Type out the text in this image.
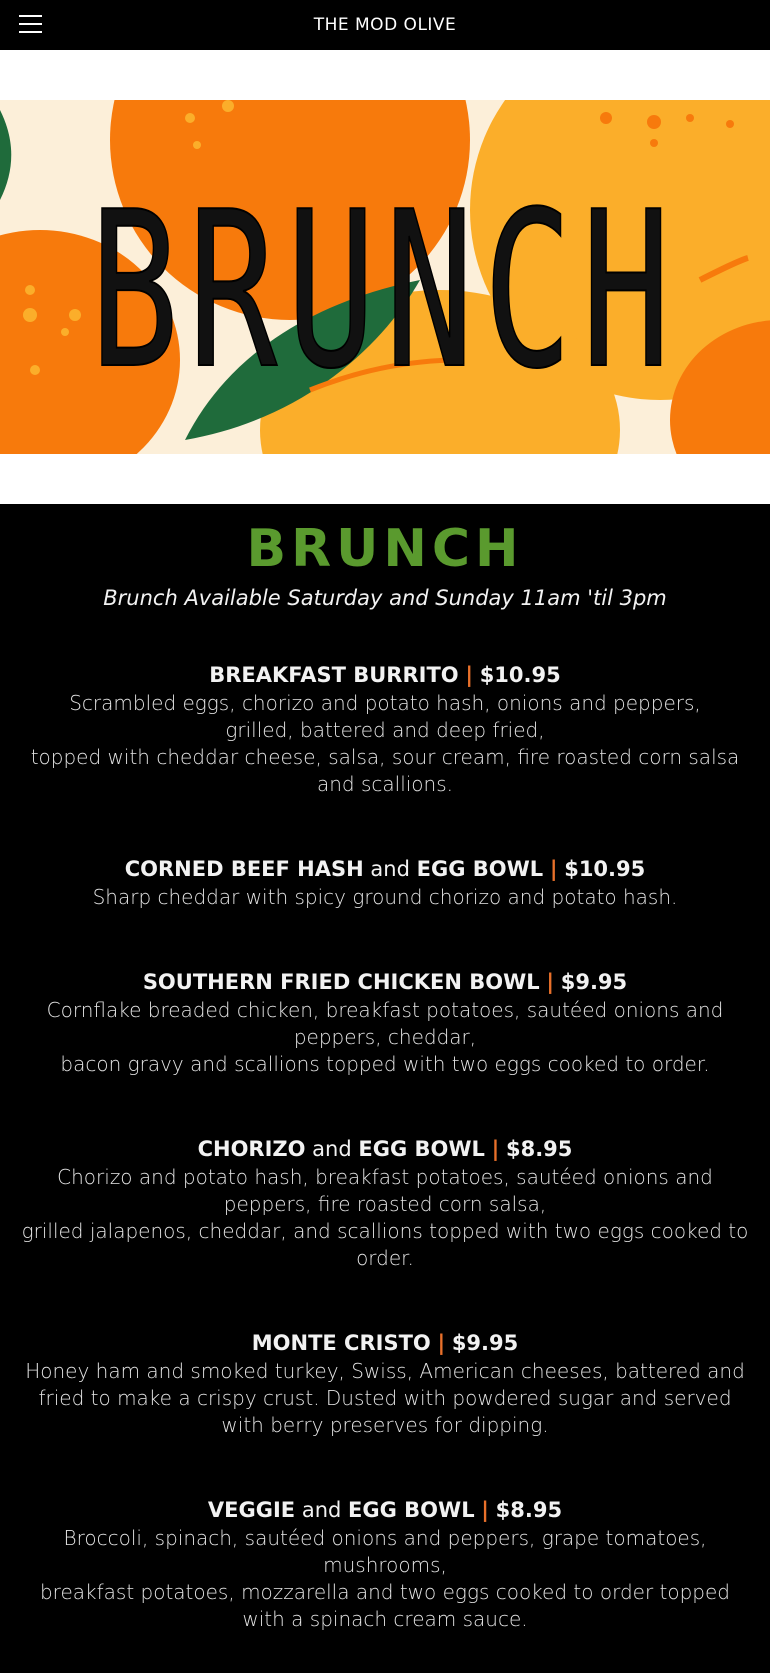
THE MOD OLIVE
BRUNCH
BRUNCH
Brunch Available Saturday and Sunday 11am 'til 3pm
BREAKFAST BURRITO | $10.95
Scrambled eggs, chorizo and potato hash, onions and peppers,
grilled, battered and deep fried,
topped with cheddar cheese, salsa, sour cream, fire roasted corn salsa and scallions.
CORNED BEEF HASH and EGG BOWL | $10.95
Sharp cheddar with spicy ground chorizo and potato hash.
SOUTHERN FRIED CHICKEN BOWL | $9.95
Cornflake breaded chicken, breakfast potatoes, sautéed onions and peppers, cheddar,
bacon gravy and scallions topped with two eggs cooked to order.
CHORIZO and EGG BOWL | $8.95
Chorizo and potato hash, breakfast potatoes, sautéed onions and peppers, fire roasted corn salsa,
grilled jalapenos, cheddar, and scallions topped with two eggs cooked to order.
MONTE CRISTO | $9.95
Honey ham and smoked turkey, Swiss, American cheeses, battered and fried to make a crispy crust. Dusted with powdered sugar and served with berry preserves for dipping.
VEGGIE and EGG BOWL | $8.95
Broccoli, spinach, sautéed onions and peppers, grape tomatoes, mushrooms,
breakfast potatoes, mozzarella and two eggs cooked to order topped with a spinach cream sauce.
